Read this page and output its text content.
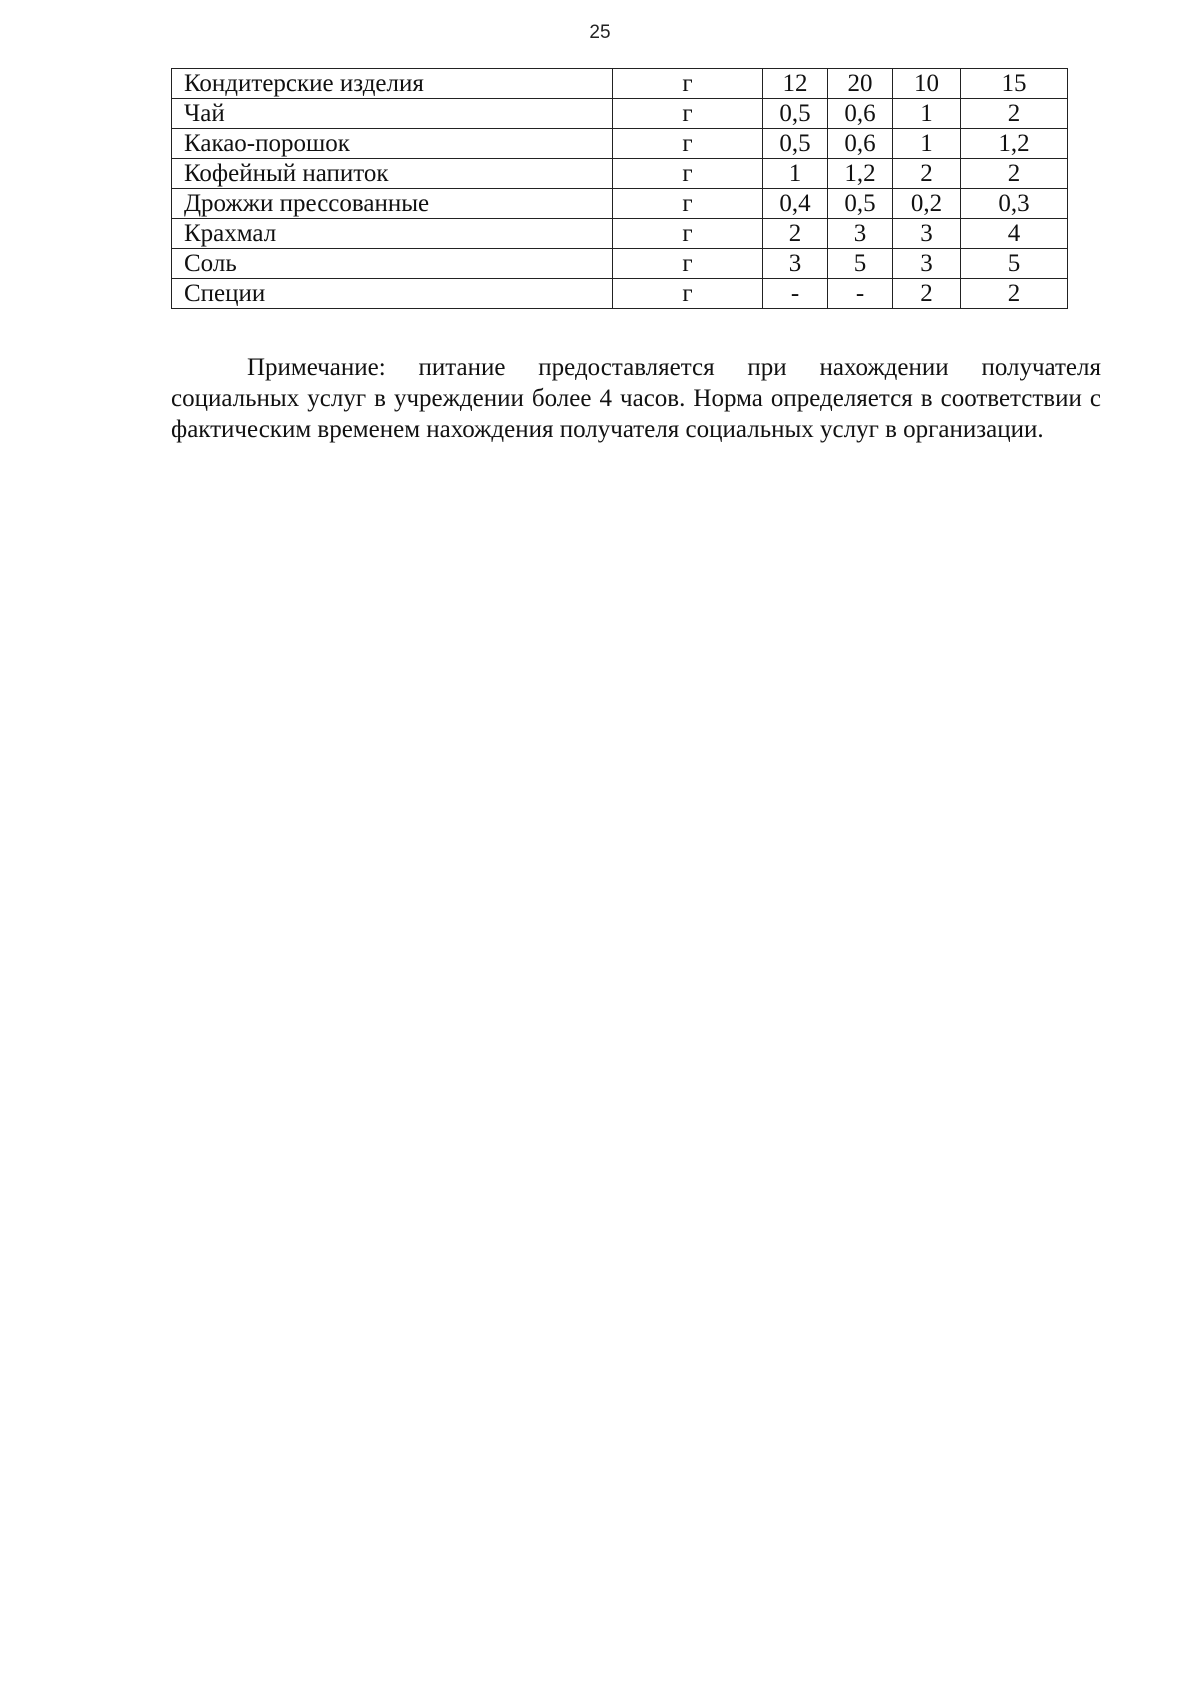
25
Кондитерские изделия	г	12	20	10	15
Чай	г	0,5	0,6	1	2
Какао-порошок	г	0,5	0,6	1	1,2
Кофейный напиток	г	1	1,2	2	2
Дрожжи прессованные	г	0,4	0,5	0,2	0,3
Крахмал	г	2	3	3	4
Соль	г	3	5	3	5
Специи	г	-	-	2	2

Примечание: питание предоставляется при нахождении получателя социальных услуг в учреждении более 4 часов. Норма определяется в соответствии с фактическим временем нахождения получателя социальных услуг в организации.
